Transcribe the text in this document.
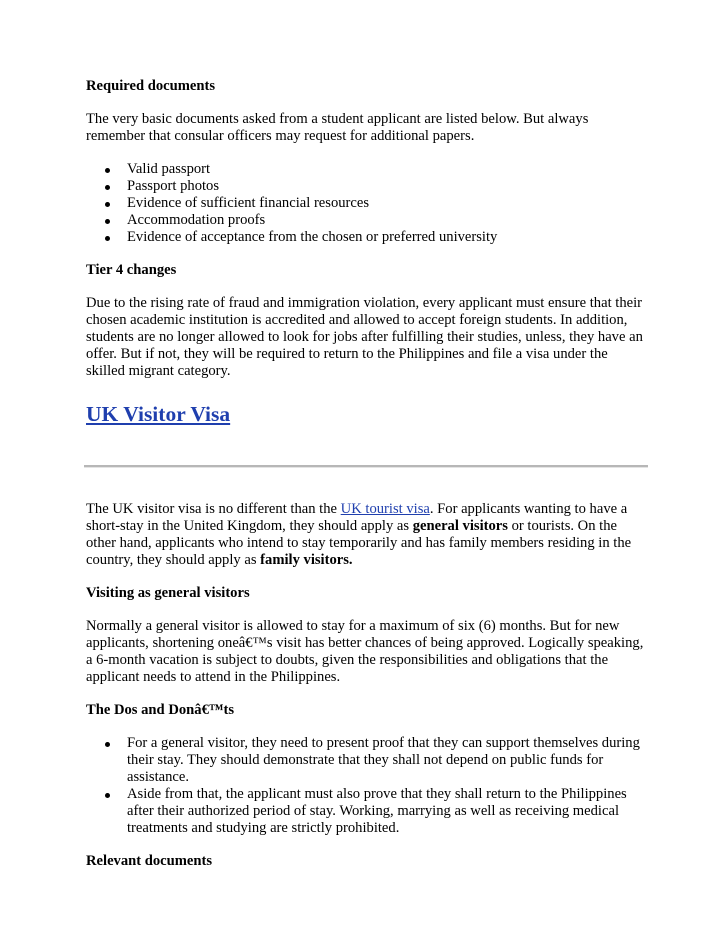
Required documents

The very basic documents asked from a student applicant are listed below. But always remember that consular officers may request for additional papers.

Valid passport
Passport photos
Evidence of sufficient financial resources
Accommodation proofs
Evidence of acceptance from the chosen or preferred university

Tier 4 changes

Due to the rising rate of fraud and immigration violation, every applicant must ensure that their chosen academic institution is accredited and allowed to accept foreign students. In addition, students are no longer allowed to look for jobs after fulfilling their studies, unless, they have an offer. But if not, they will be required to return to the Philippines and file a visa under the skilled migrant category.

UK Visitor Visa

The UK visitor visa is no different than the UK tourist visa. For applicants wanting to have a short-stay in the United Kingdom, they should apply as general visitors or tourists. On the other hand, applicants who intend to stay temporarily and has family members residing in the country, they should apply as family visitors.

Visiting as general visitors

Normally a general visitor is allowed to stay for a maximum of six (6) months. But for new applicants, shortening oneâ€™s visit has better chances of being approved. Logically speaking, a 6-month vacation is subject to doubts, given the responsibilities and obligations that the applicant needs to attend in the Philippines.

The Dos and Donâ€™ts

For a general visitor, they need to present proof that they can support themselves during their stay. They should demonstrate that they shall not depend on public funds for assistance.
Aside from that, the applicant must also prove that they shall return to the Philippines after their authorized period of stay. Working, marrying as well as receiving medical treatments and studying are strictly prohibited.

Relevant documents
